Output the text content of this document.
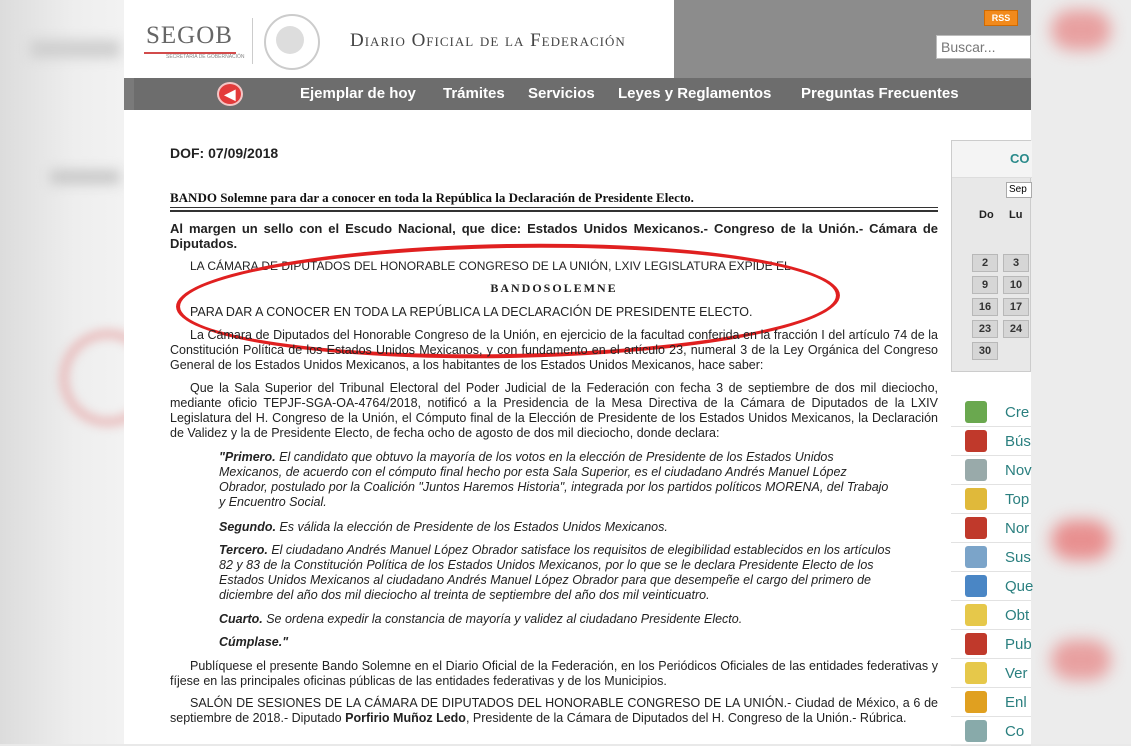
SEGOB
SECRETARÍA DE GOBERNACIÓN
Diario Oficial de la Federación
RSS
Buscar...
◀	Ejemplar de hoy Trámites Servicios Leyes y Reglamentos Preguntas Frecuentes
DOF: 07/09/2018
BANDO Solemne para dar a conocer en toda la República la Declaración de Presidente Electo.
Al margen un sello con el Escudo Nacional, que dice: Estados Unidos Mexicanos.- Congreso de la Unión.- Cámara de Diputados.
LA CÁMARA DE DIPUTADOS DEL HONORABLE CONGRESO DE LA UNIÓN, LXIV LEGISLATURA EXPIDE EL
BANDOSOLEMNE
PARA DAR A CONOCER EN TODA LA REPÚBLICA LA DECLARACIÓN DE PRESIDENTE ELECTO.
La Cámara de Diputados del Honorable Congreso de la Unión, en ejercicio de la facultad conferida en la fracción I del artículo 74 de la Constitución Política de los Estados Unidos Mexicanos, y con fundamento en el artículo 23, numeral 3 de la Ley Orgánica del Congreso General de los Estados Unidos Mexicanos, a los habitantes de los Estados Unidos Mexicanos, hace saber:
Que la Sala Superior del Tribunal Electoral del Poder Judicial de la Federación con fecha 3 de septiembre de dos mil dieciocho, mediante oficio TEPJF-SGA-OA-4764/2018, notificó a la Presidencia de la Mesa Directiva de la Cámara de Diputados de la LXIV Legislatura del H. Congreso de la Unión, el Cómputo final de la Elección de Presidente de los Estados Unidos Mexicanos, la Declaración de Validez y la de Presidente Electo, de fecha ocho de agosto de dos mil dieciocho, donde declara:
"Primero. El candidato que obtuvo la mayoría de los votos en la elección de Presidente de los Estados Unidos Mexicanos, de acuerdo con el cómputo final hecho por esta Sala Superior, es el ciudadano Andrés Manuel López Obrador, postulado por la Coalición "Juntos Haremos Historia", integrada por los partidos políticos MORENA, del Trabajo y Encuentro Social.
Segundo. Es válida la elección de Presidente de los Estados Unidos Mexicanos.
Tercero. El ciudadano Andrés Manuel López Obrador satisface los requisitos de elegibilidad establecidos en los artículos 82 y 83 de la Constitución Política de los Estados Unidos Mexicanos, por lo que se le declara Presidente Electo de los Estados Unidos Mexicanos al ciudadano Andrés Manuel López Obrador para que desempeñe el cargo del primero de diciembre del año dos mil dieciocho al treinta de septiembre del año dos mil veinticuatro.
Cuarto. Se ordena expedir la constancia de mayoría y validez al ciudadano Presidente Electo.
Cúmplase."
Publíquese el presente Bando Solemne en el Diario Oficial de la Federación, en los Periódicos Oficiales de las entidades federativas y fíjese en las principales oficinas públicas de las entidades federativas y de los Municipios.
SALÓN DE SESIONES DE LA CÁMARA DE DIPUTADOS DEL HONORABLE CONGRESO DE LA UNIÓN.- Ciudad de México, a 6 de septiembre de 2018.- Diputado Porfirio Muñoz Ledo, Presidente de la Cámara de Diputados del H. Congreso de la Unión.- Rúbrica.
CO
Sep
Do Lu
2	3
9	10
16	17
23	24
30
Cre
Bús
Nov
Top
Nor
Sus
Que
Obt
Pub
Ver
Enl
Co
